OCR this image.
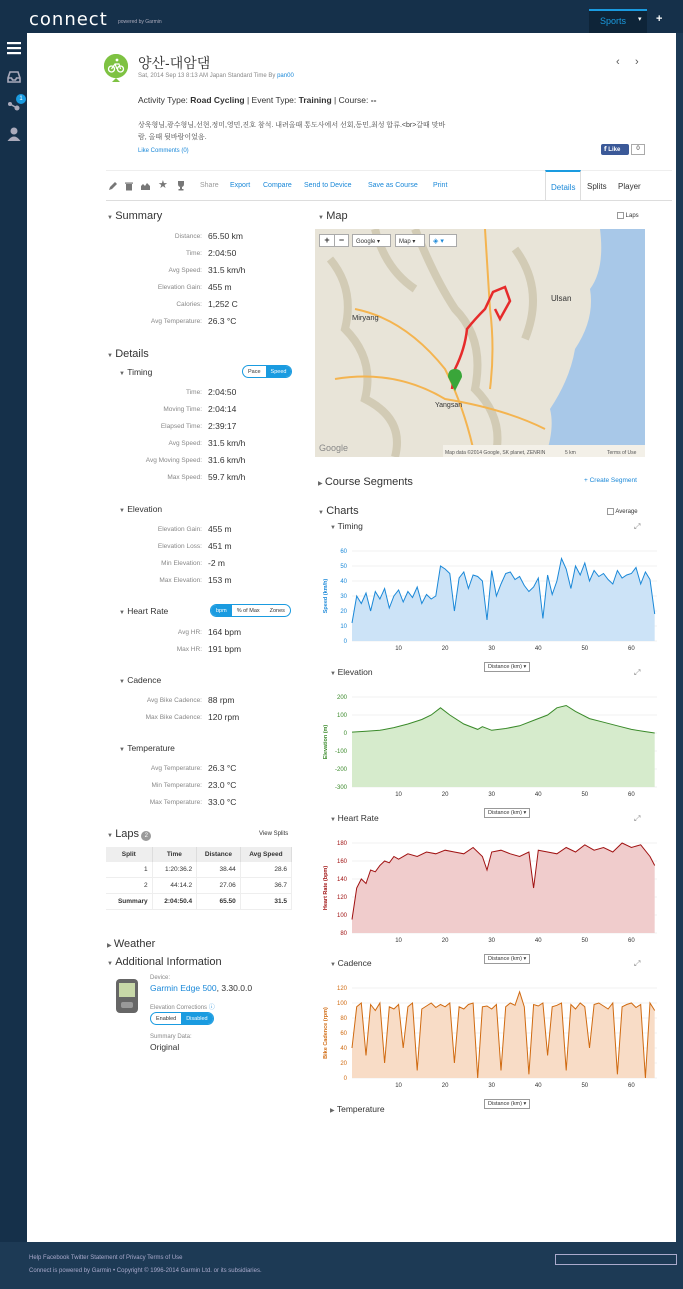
connect powered by Garmin	Sports	▾ +
1
양산-대암댐
Sat, 2014 Sep 13 8:13 AM Japan Standard Time By pan00
‹ ›
Activity Type: Road Cycling | Event Type: Training | Course: --
상욱형님,광수형님,선현,정미,영민,진호 참석. 내려올때 통도사에서 선회,동민,최성 합류.<br>갈때 맞바
람, 올때 뒷바람이었음.
Like Comments (0)	f Like	0
★	Share Export Compare Send to Device Save as Course Print	Details Splits Player
▼ Summary
Distance: 65.50 km
Time: 2:04:50
Avg Speed: 31.5 km/h
Elevation Gain: 455 m
Calories: 1,252 C
Avg Temperature: 26.3 °C
▼ Details
▼ Timing	Pace	Speed
Time: 2:04:50
Moving Time: 2:04:14
Elapsed Time: 2:39:17
Avg Speed: 31.5 km/h
Avg Moving Speed: 31.6 km/h
Max Speed: 59.7 km/h
▼ Elevation
Elevation Gain: 455 m
Elevation Loss: 451 m
Min Elevation: -2 m
Max Elevation: 153 m
▼ Heart Rate	bpm	% of Max	Zones
Avg HR: 164 bpm
Max HR: 191 bpm
▼ Cadence
Avg Bike Cadence: 88 rpm
Max Bike Cadence: 120 rpm
▼ Temperature
Avg Temperature: 26.3 °C
Min Temperature: 23.0 °C
Max Temperature: 33.0 °C
▼ Laps 2	View Splits
Split	Time	Distance	Avg Speed
1	1:20:36.2	38.44	28.6
2	44:14.2	27.06	36.7
Summary	2:04:50.4	65.50	31.5
▶ Weather
▼ Additional Information
Device:
Garmin Edge 500, 3.30.0.0
Elevation Corrections ⓘ
Enabled	Disabled
Summary Data:
Original
▼ Map	Laps
Miryang
Ulsan
Yangsan
Google	Map data ©2014 Google, SK planet, ZENRIN	5 km	Terms of Use
+	−	Google ▾	Map ▾	◈ ▾
▶ Course Segments	+ Create Segment
▼ Charts	Average
▼ Timing	⤢
0
10
20
30
40
50
60
10	20	30	40	50	60
Speed (km/h)
Distance (km) ▾
▼ Elevation	⤢
-300
-200
-100
0
100
200
10	20	30	40	50	60
Elevation (m)
Distance (km) ▾
▼ Heart Rate	⤢
80
100
120
140
160
180
10	20	30	40	50	60
Heart Rate (bpm)
Distance (km) ▾
▼ Cadence	⤢
0
20
40
60
80
100
120
10	20	30	40	50	60
Bike Cadence (rpm)
Distance (km) ▾
▶ Temperature
Help Facebook Twitter Statement of Privacy Terms of Use
Connect is powered by Garmin • Copyright © 1996-2014 Garmin Ltd. or its subsidiaries.
